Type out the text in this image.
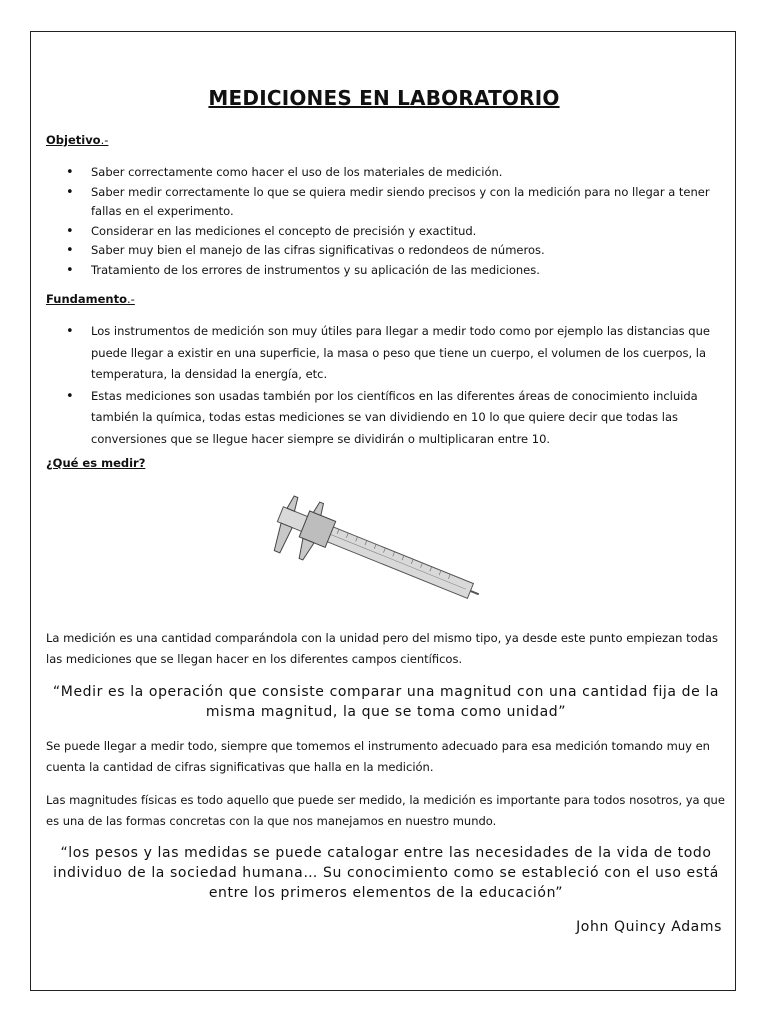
MEDICIONES EN LABORATORIO
Objetivo.-
• Saber correctamente como hacer el uso de los materiales de medición.
• Saber medir correctamente lo que se quiera medir siendo precisos y con la medición para no llegar a tener fallas en el experimento.
• Considerar en las mediciones el concepto de precisión y exactitud.
• Saber muy bien el manejo de las cifras significativas o redondeos de números.
• Tratamiento de los errores de instrumentos y su aplicación de las mediciones.
Fundamento.-
• Los instrumentos de medición son muy útiles para llegar a medir todo como por ejemplo las distancias que puede llegar a existir en una superficie, la masa o peso que tiene un cuerpo, el volumen de los cuerpos, la temperatura, la densidad la energía, etc.
• Estas mediciones son usadas también por los científicos en las diferentes áreas de conocimiento incluida también la química, todas estas mediciones se van dividiendo en 10 lo que quiere decir que todas las conversiones que se llegue hacer siempre se dividirán o multiplicaran entre 10.
¿Qué es medir?
La medición es una cantidad comparándola con la unidad pero del mismo tipo, ya desde este punto empiezan todas las mediciones que se llegan hacer en los diferentes campos científicos.
“Medir es la operación que consiste comparar una magnitud con una cantidad fija de la misma magnitud, la que se toma como unidad”
Se puede llegar a medir todo, siempre que tomemos el instrumento adecuado para esa medición tomando muy en cuenta la cantidad de cifras significativas que halla en la medición.
Las magnitudes físicas es todo aquello que puede ser medido, la medición es importante para todos nosotros, ya que es una de las formas concretas con la que nos manejamos en nuestro mundo.
“los pesos y las medidas se puede catalogar entre las necesidades de la vida de todo individuo de la sociedad humana… Su conocimiento como se estableció con el uso está entre los primeros elementos de la educación”
John Quincy Adams
